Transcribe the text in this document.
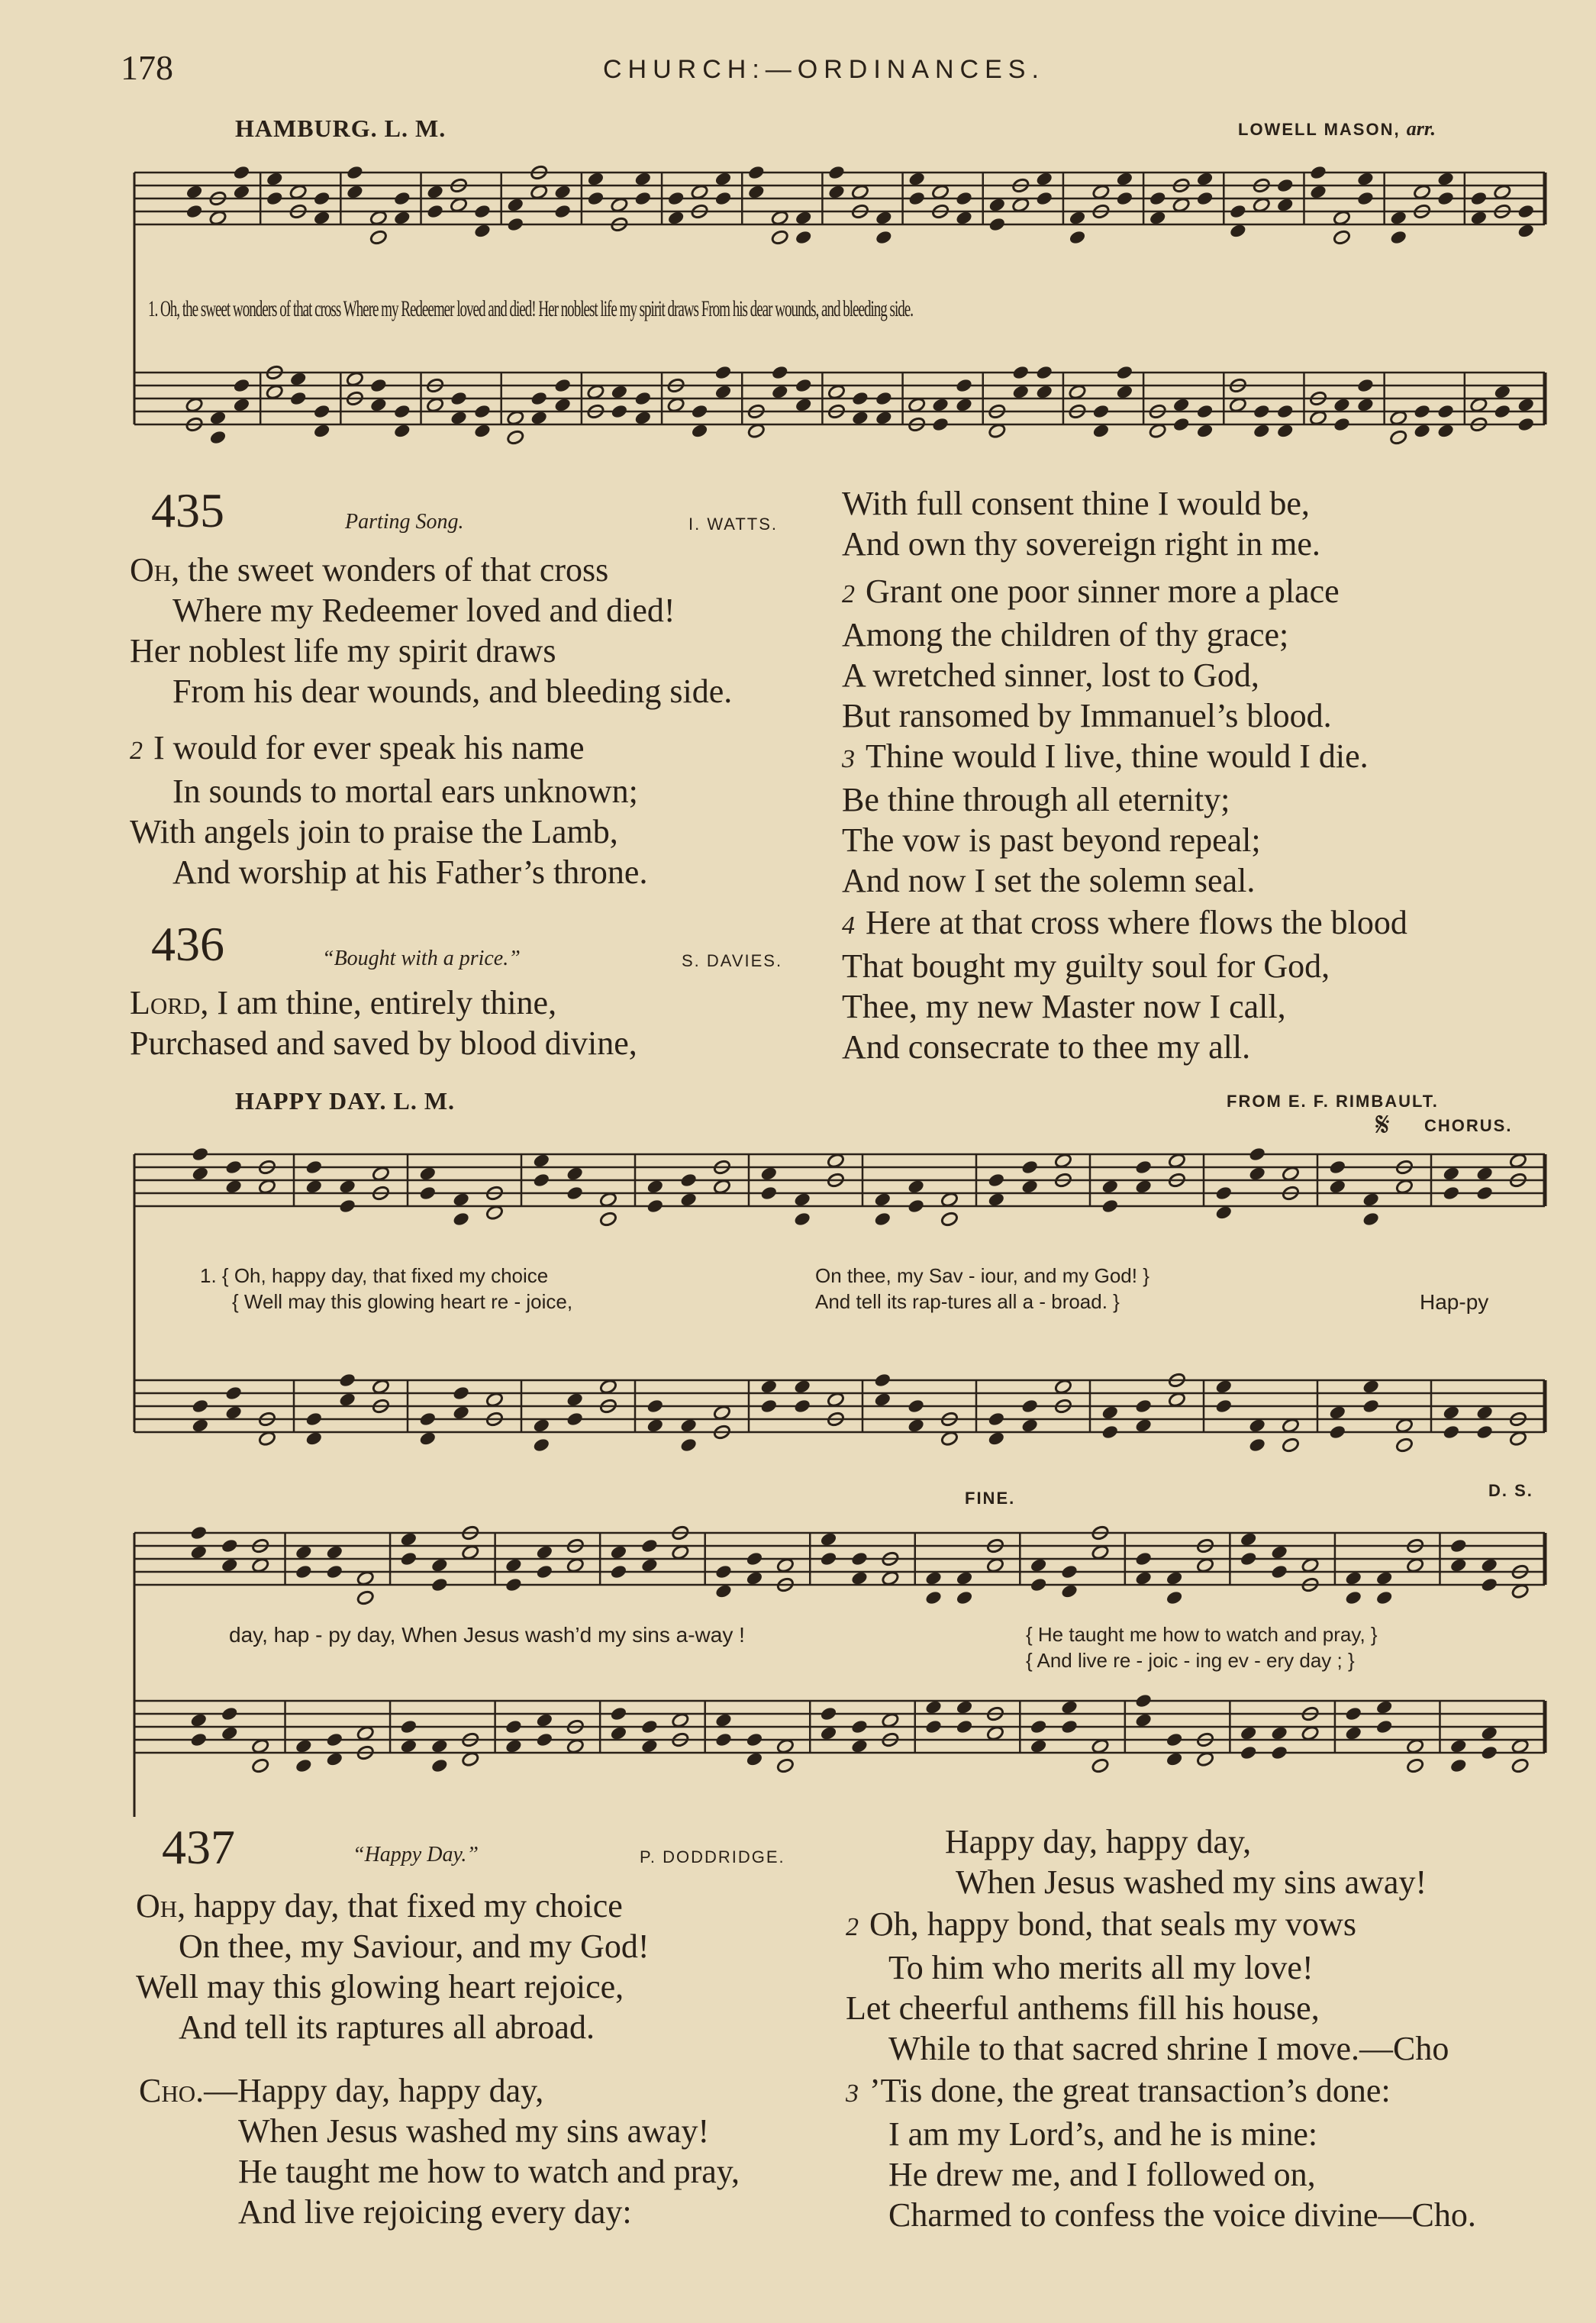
178	CHURCH:—ORDINANCES.
HAMBURG. L. M.	LOWELL MASON, arr.
1. Oh, the sweet wonders of that cross Where my Redeemer loved and died! Her noblest life my spirit draws From his dear wounds, and bleeding side.
435	Parting Song.	I. WATTS.
Oh, the sweet wonders of that cross
Where my Redeemer loved and died!
Her noblest life my spirit draws
From his dear wounds, and bleeding side.
2 I would for ever speak his name
In sounds to mortal ears unknown;
With angels join to praise the Lamb,
And worship at his Father’s throne.
436	“Bought with a price.”	S. DAVIES.
Lord, I am thine, entirely thine,
Purchased and saved by blood divine,
With full consent thine I would be,
And own thy sovereign right in me.
2 Grant one poor sinner more a place
Among the children of thy grace;
A wretched sinner, lost to God,
But ransomed by Immanuel’s blood.
3 Thine would I live, thine would I die.
Be thine through all eternity;
The vow is past beyond repeal;
And now I set the solemn seal.
4 Here at that cross where flows the blood
That bought my guilty soul for God,
Thee, my new Master now I call,
And consecrate to thee my all.
HAPPY DAY. L. M.	FROM E. F. RIMBAULT.
𝄋 CHORUS.
1. { Oh, happy day, that fixed my choice	On thee, my Sav - iour, and my God! }
{ Well may this glowing heart re - joice,	And tell its rap-tures all a - broad. }	Hap-py
FINE.	D. S.
day, hap - py day, When Jesus wash’d my sins a-way !	{ He taught me how to watch and pray, }
{ And live re - joic - ing ev - ery day ; }
437	“Happy Day.”	P. DODDRIDGE.
Oh, happy day, that fixed my choice
On thee, my Saviour, and my God!
Well may this glowing heart rejoice,
And tell its raptures all abroad.
Cho.—Happy day, happy day,
When Jesus washed my sins away!
He taught me how to watch and pray,
And live rejoicing every day:
Happy day, happy day,
When Jesus washed my sins away!
2 Oh, happy bond, that seals my vows
To him who merits all my love!
Let cheerful anthems fill his house,
While to that sacred shrine I move.—Cho
3 ’Tis done, the great transaction’s done:
I am my Lord’s, and he is mine:
He drew me, and I followed on,
Charmed to confess the voice divine—Cho.
